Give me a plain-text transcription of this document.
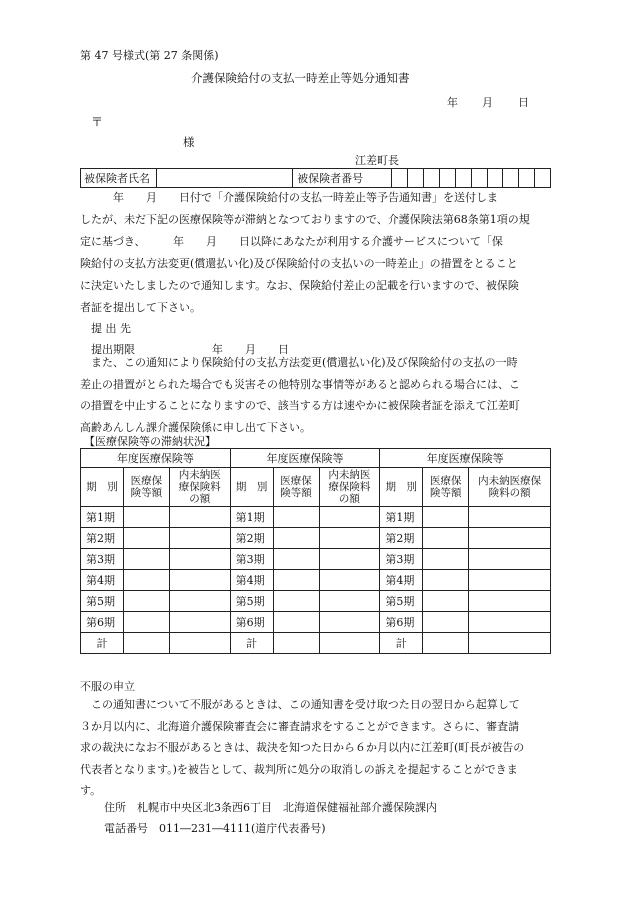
第 47 号様式(第 27 条関係)
介護保険給付の支払一時差止等処分通知書
年 月 日
〒
様
江差町長
被保険者氏名		被保険者番号										
　　　年　　月　　日付で「介護保険給付の支払一時差止等予告通知書」を送付しま
したが、未だ下記の医療保険等が滞納となつておりますので、介護保険法第68条第1項の規
定に基づき、　　　年　　月　　日以降にあなたが利用する介護サービスについて「保
険給付の支払方法変更(償還払い化)及び保険給付の支払いの一時差止」の措置をとること
に決定いたしましたので通知します。なお、保険給付差止の記載を行いますので、被保険
者証を提出して下さい。
提 出 先
提出期限　　　　　　　年　　月　　日
また、この通知により保険給付の支払方法変更(償還払い化)及び保険給付の支払の一時
差止の措置がとられた場合でも災害その他特別な事情等があると認められる場合には、こ
の措置を中止することになりますので、該当する方は速やかに被保険者証を添えて江差町
高齢あんしん課介護保険係に申し出て下さい。
【医療保険等の滞納状況】
年度医療保険等			年度医療保険等			年度医療保険等		
期　別	医療保険等額	内未納医療保険料の額	期　別	医療保険等額	内未納医療保険料の額	期　別	医療保険等額	内未納医療保険料の額
第1期			第1期			第1期		
第2期			第2期			第2期		
第3期			第3期			第3期		
第4期			第4期			第4期		
第5期			第5期			第5期		
第6期			第6期			第6期		
計			計			計		
不服の申立
　この通知書について不服があるときは、この通知書を受け取つた日の翌日から起算して
３か月以内に、北海道介護保険審査会に審査請求をすることができます。さらに、審査請
求の裁決になお不服があるときは、裁決を知つた日から６か月以内に江差町(町長が被告の
代表者となります。)を被告として、裁判所に処分の取消しの訴えを提起することができま
す。
住所　札幌市中央区北3条西6丁目　北海道保健福祉部介護保険課内
電話番号　011―231―4111(道庁代表番号)
